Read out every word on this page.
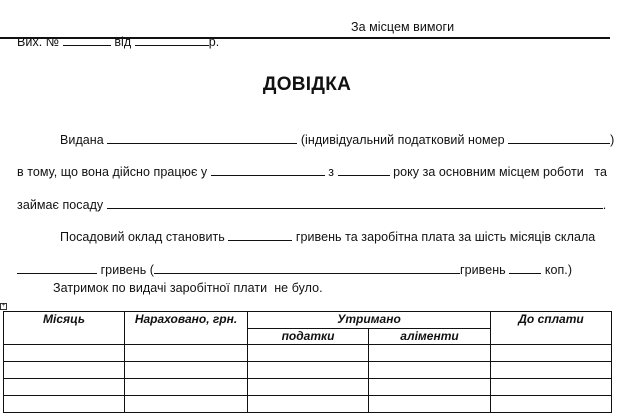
Вих. №	від	р.

За місцем вимоги
ДОВІДКА

Видана	(індивідуальний податковий номер	)

в тому, що вона дійсно працює у	з	року за основним місцем роботи   та

займає посаду	.

Посадовий оклад становить	гривень та заробітна плата за шість місяців склала

гривень (	гривень	коп.)

Затримок по видачі заробітної плати  не було.
+
Місяць	Нараховано, грн.	Утримано		До сплати
		податки	аліменти	
